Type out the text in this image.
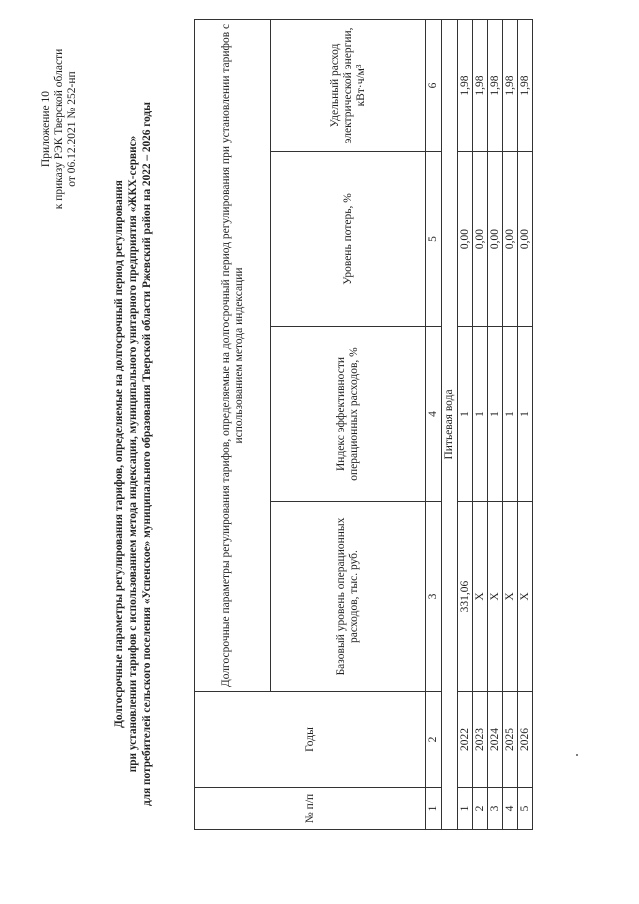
Приложение 10 к приказу РЭК Тверской области от 06.12.2021 № 252-нп
Долгосрочные параметры регулирования тарифов, определяемые на долгосрочный период регулирования при установлении тарифов с использованием метода индексации, муниципального унитарного предприятия «ЖКХ-сервис» для потребителей сельского поселения «Успенское» муниципального образования Тверской области Ржевский район на 2022 – 2026 годы
№ п/п	Годы	Долгосрочные параметры регулирования тарифов, определяемые на долгосрочный период регулирования при установлении тарифов с использованием метода индексации			
		Базовый уровень операционных расходов, тыс. руб.	Индекс эффективности операционных расходов, %	Уровень потерь, %	Удельный расход электрической энергии, кВт·ч/м³
1	2	3	4	5	6
Питьевая вода					
1	2022	331,06	1	0,00	1,98
2	2023	Х	1	0,00	1,98
3	2024	Х	1	0,00	1,98
4	2025	Х	1	0,00	1,98
5	2026	Х	1	0,00	1,98
